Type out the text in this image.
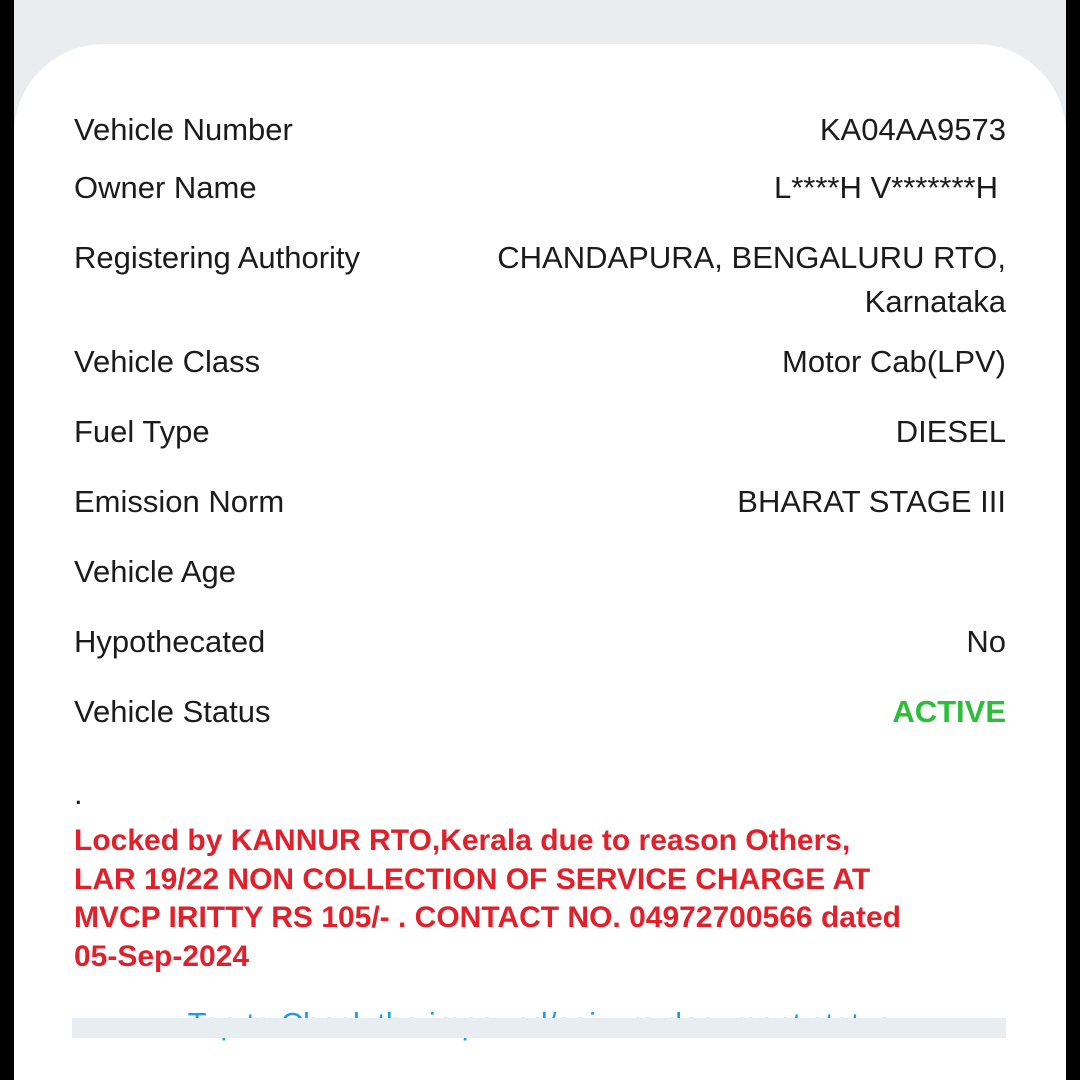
Vehicle Number	KA04AA9573
Owner Name	L****H V*******H
Registering Authority	CHANDAPURA, BENGALURU RTO,
Karnataka
Vehicle Class	Motor Cab(LPV)
Fuel Type	DIESEL
Emission Norm	BHARAT STAGE III
Vehicle Age
Hypothecated	No
Vehicle Status	ACTIVE
.
Locked by KANNUR RTO,Kerala due to reason Others,
LAR 19/22 NON COLLECTION OF SERVICE CHARGE AT
MVCP IRITTY RS 105/- . CONTACT NO. 04972700566 dated
05-Sep-2024
